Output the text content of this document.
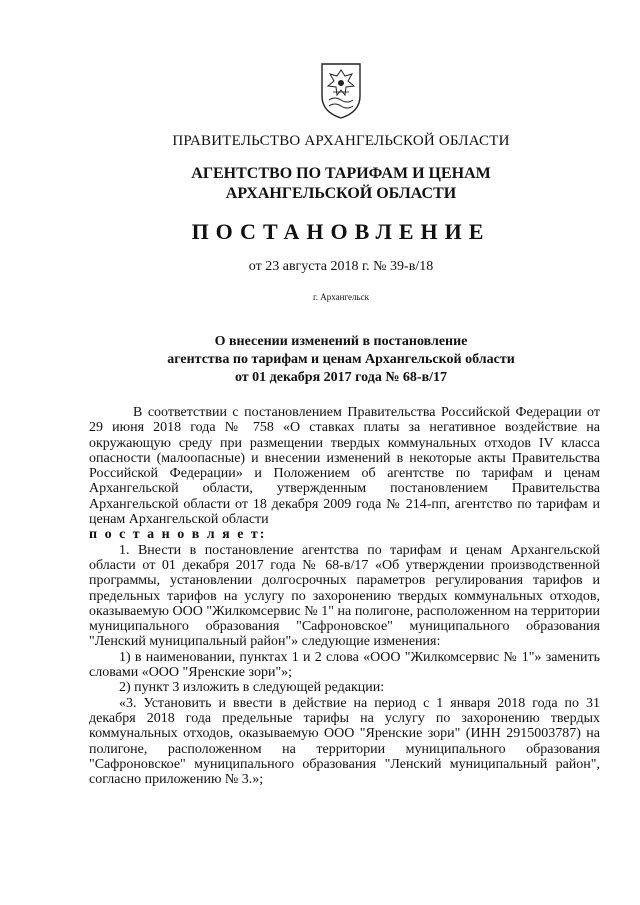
ПРАВИТЕЛЬСТВО АРХАНГЕЛЬСКОЙ ОБЛАСТИ
АГЕНТСТВО ПО ТАРИФАМ И ЦЕНАМ
АРХАНГЕЛЬСКОЙ ОБЛАСТИ
ПОСТАНОВЛЕНИЕ
от 23 августа 2018 г. № 39-в/18
г. Архангельск
О внесении изменений в постановление
агентства по тарифам и ценам Архангельской области
от 01 декабря 2017 года № 68-в/17

В соответствии с постановлением Правительства Российской Федерации от 29 июня 2018 года № 758 «О ставках платы за негативное воздействие на окружающую среду при размещении твердых коммунальных отходов IV класса опасности (малоопасные) и внесении изменений в некоторые акты Правительства Российской Федерации» и Положением об агентстве по тарифам и ценам Архангельской области, утвержденным постановлением Правительства Архангельской области от 18 декабря 2009 года № 214-пп, агентство по тарифам и ценам Архангельской области

п о с т а н о в л я е т:

1. Внести в постановление агентства по тарифам и ценам Архангельской области от 01 декабря 2017 года № 68-в/17 «Об утверждении производственной программы, установлении долгосрочных параметров регулирования тарифов и предельных тарифов на услугу по захоронению твердых коммунальных отходов, оказываемую ООО "Жилкомсервис № 1" на полигоне, расположенном на территории муниципального образования "Сафроновское" муниципального образования "Ленский муниципальный район"» следующие изменения:

1) в наименовании, пунктах 1 и 2 слова «ООО "Жилкомсервис № 1"» заменить словами «ООО "Яренские зори"»;

2) пункт 3 изложить в следующей редакции:

«3. Установить и ввести в действие на период с 1 января 2018 года по 31 декабря 2018 года предельные тарифы на услугу по захоронению твердых коммунальных отходов, оказываемую ООО "Яренские зори" (ИНН 2915003787) на полигоне, расположенном на территории муниципального образования "Сафроновское" муниципального образования "Ленский муниципальный район", согласно приложению № 3.»;
